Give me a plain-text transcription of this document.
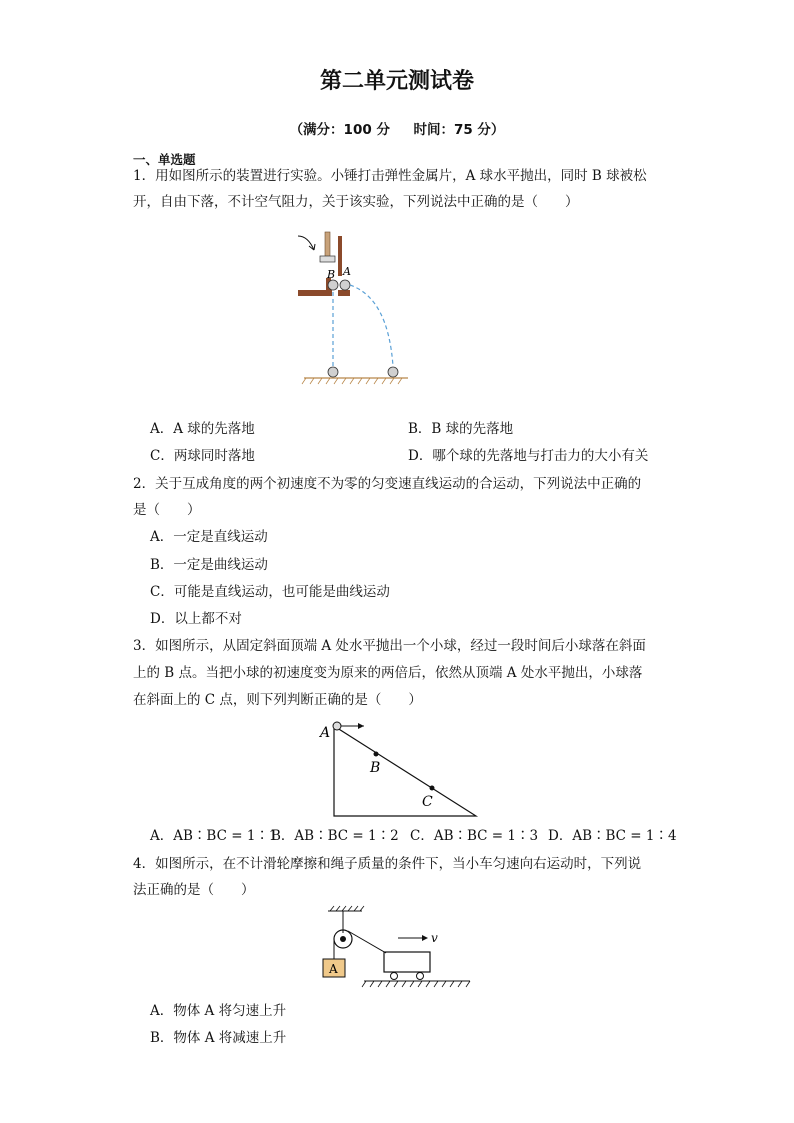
第二单元测试卷
（满分：100 分     时间：75 分）
一、单选题
1．用如图所示的装置进行实验。小锤打击弹性金属片，A 球水平抛出，同时 B 球被松
开，自由下落，不计空气阻力，关于该实验，下列说法中正确的是（　　）
B A
A．A 球的先落地	B．B 球的先落地
C．两球同时落地	D．哪个球的先落地与打击力的大小有关
2．关于互成角度的两个初速度不为零的匀变速直线运动的合运动，下列说法中正确的
是（　　）
A．一定是直线运动
B．一定是曲线运动
C．可能是直线运动，也可能是曲线运动
D．以上都不对
3．如图所示，从固定斜面顶端 A 处水平抛出一个小球，经过一段时间后小球落在斜面
上的 B 点。当把小球的初速度变为原来的两倍后，依然从顶端 A 处水平抛出，小球落
在斜面上的 C 点，则下列判断正确的是（　　）
A
B
C
A．AB∶BC = 1∶1
B．AB∶BC = 1∶2 C．AB∶BC = 1∶3 D．AB∶BC = 1∶4
4．如图所示，在不计滑轮摩擦和绳子质量的条件下，当小车匀速向右运动时，下列说
法正确的是（　　）
A
v
A．物体 A 将匀速上升
B．物体 A 将减速上升
